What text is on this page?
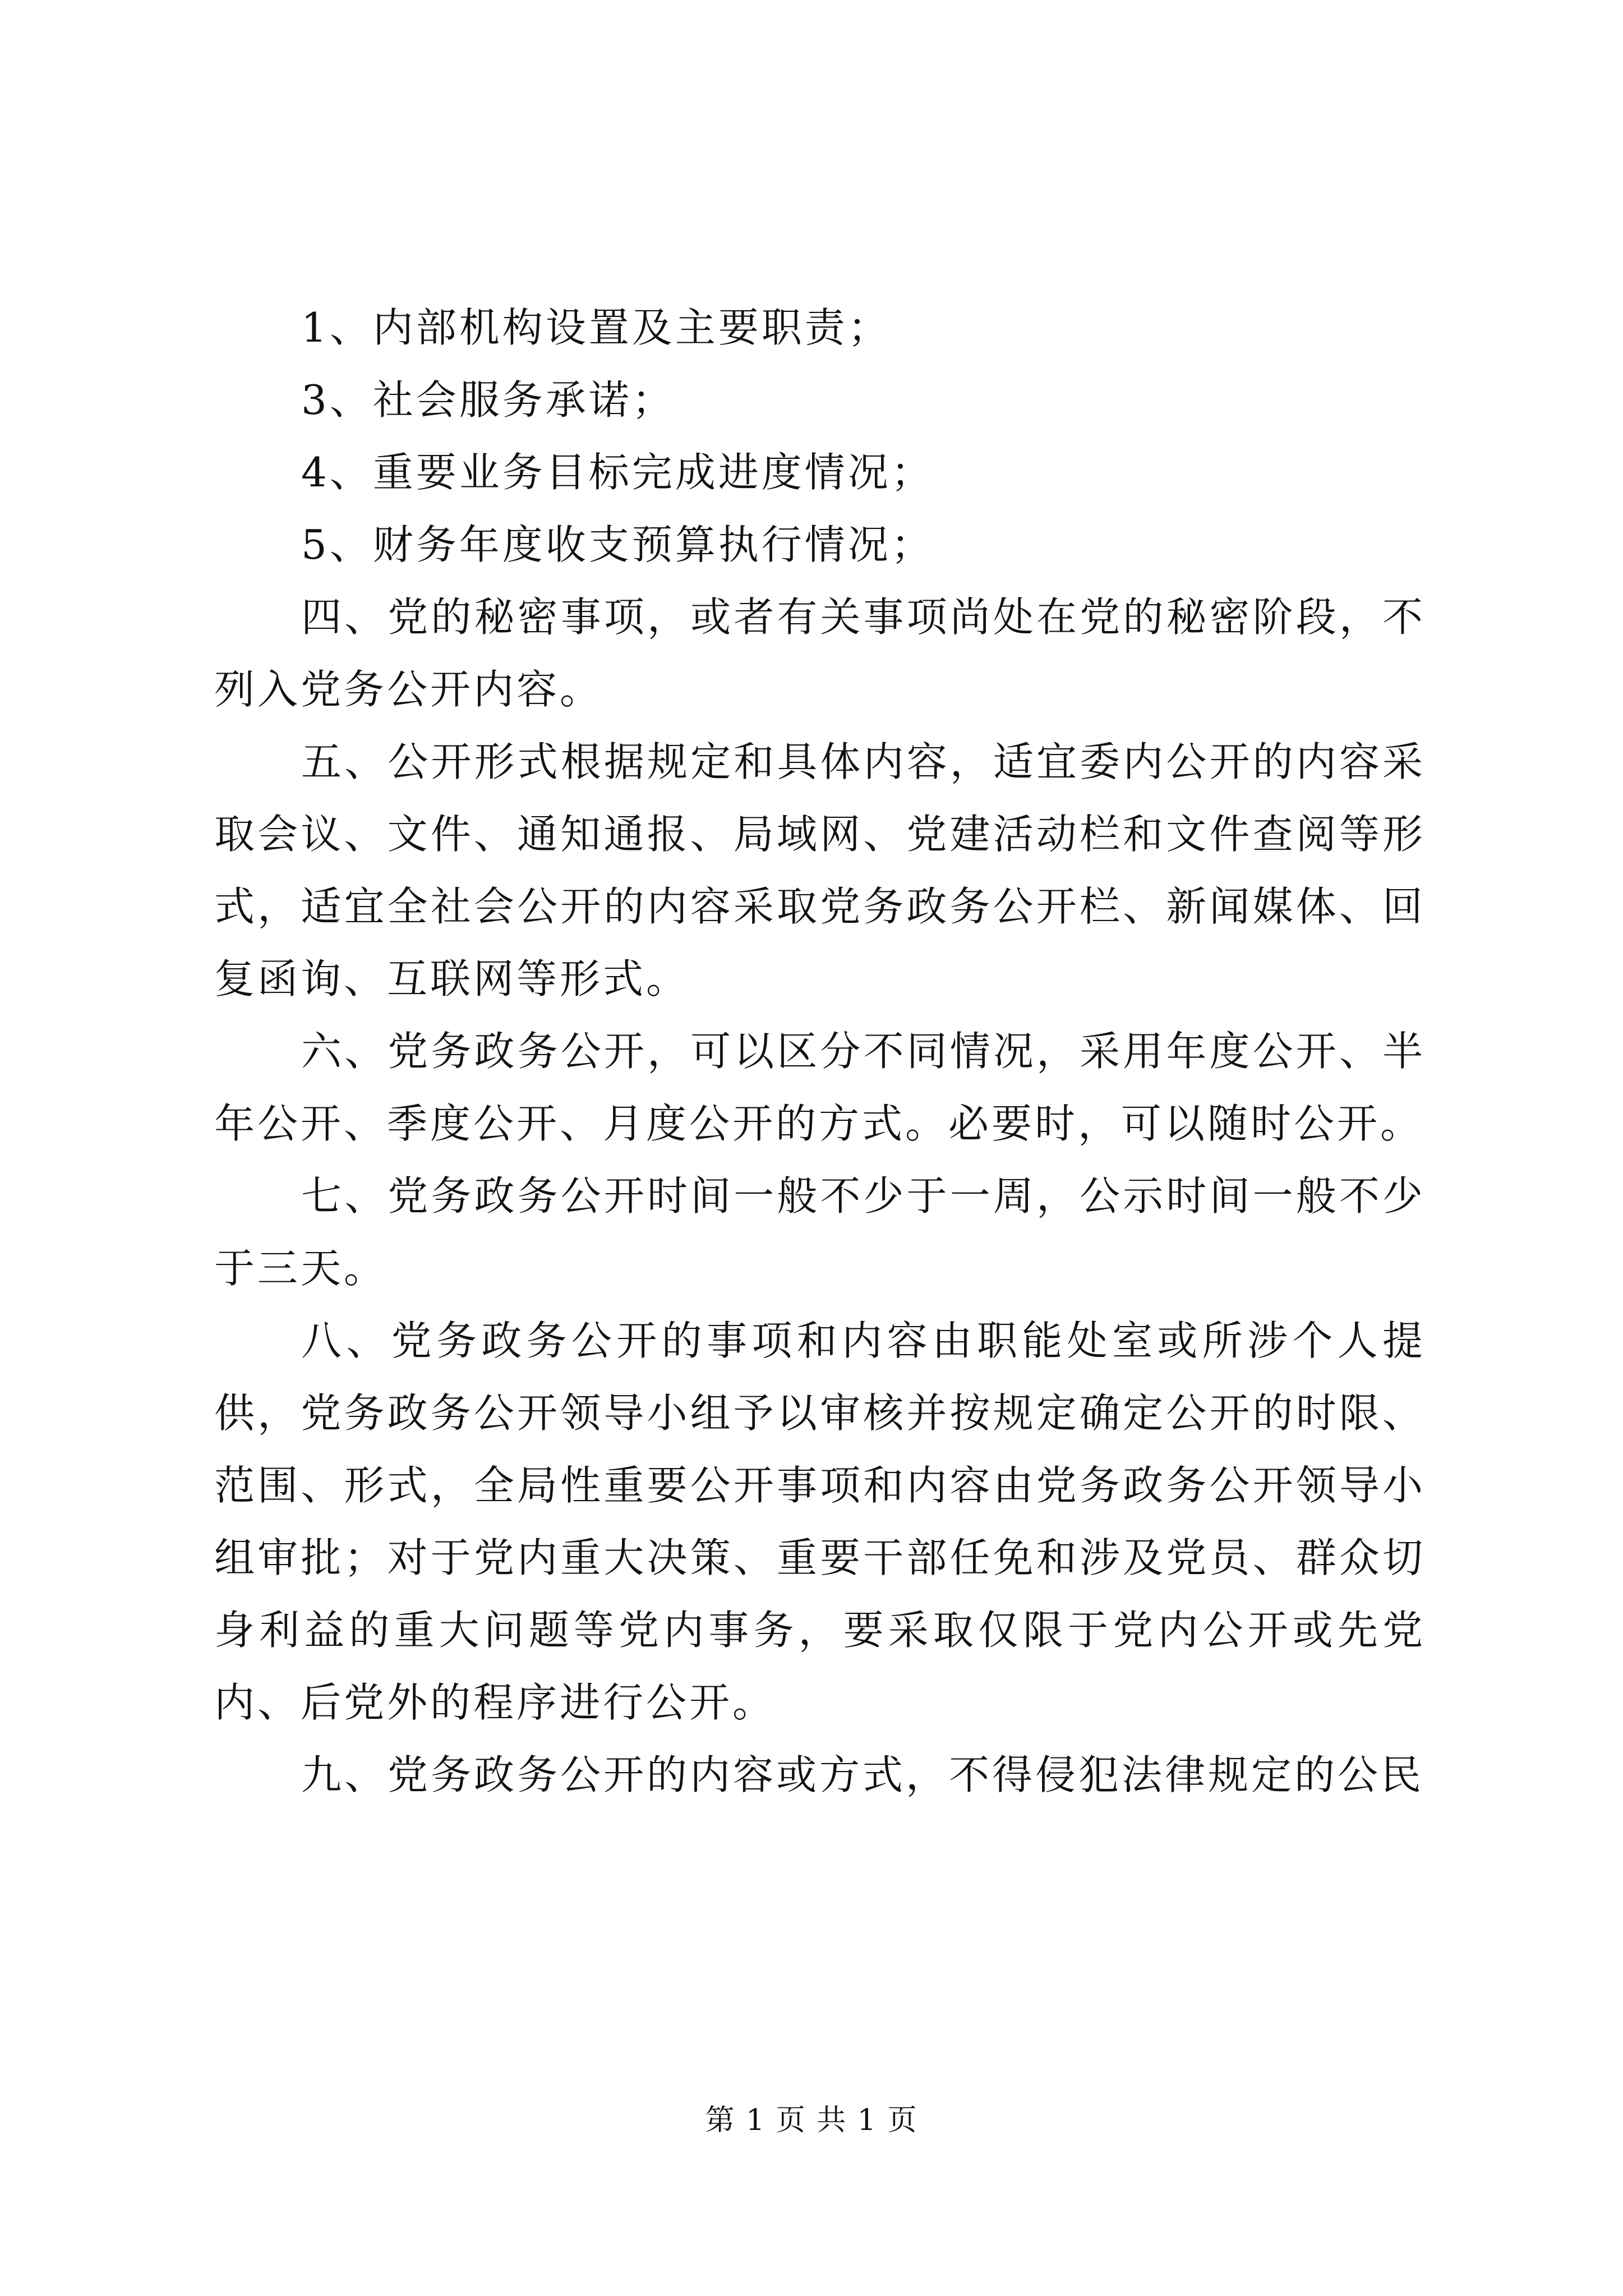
1、内部机构设置及主要职责；

3、社会服务承诺；

4、重要业务目标完成进度情况；

5、财务年度收支预算执行情况；

四、党的秘密事项，或者有关事项尚处在党的秘密阶段，不列入党务公开内容。

五、公开形式根据规定和具体内容，适宜委内公开的内容采取会议、文件、通知通报、局域网、党建活动栏和文件查阅等形式，适宜全社会公开的内容采取党务政务公开栏、新闻媒体、回复函询、互联网等形式。

六、党务政务公开，可以区分不同情况，采用年度公开、半年公开、季度公开、月度公开的方式。必要时，可以随时公开。

七、党务政务公开时间一般不少于一周，公示时间一般不少于三天。

八、党务政务公开的事项和内容由职能处室或所涉个人提供，党务政务公开领导小组予以审核并按规定确定公开的时限、范围、形式，全局性重要公开事项和内容由党务政务公开领导小组审批；对于党内重大决策、重要干部任免和涉及党员、群众切身利益的重大问题等党内事务，要采取仅限于党内公开或先党内、后党外的程序进行公开。

九、党务政务公开的内容或方式，不得侵犯法律规定的公民

第 1 页 共 1 页
